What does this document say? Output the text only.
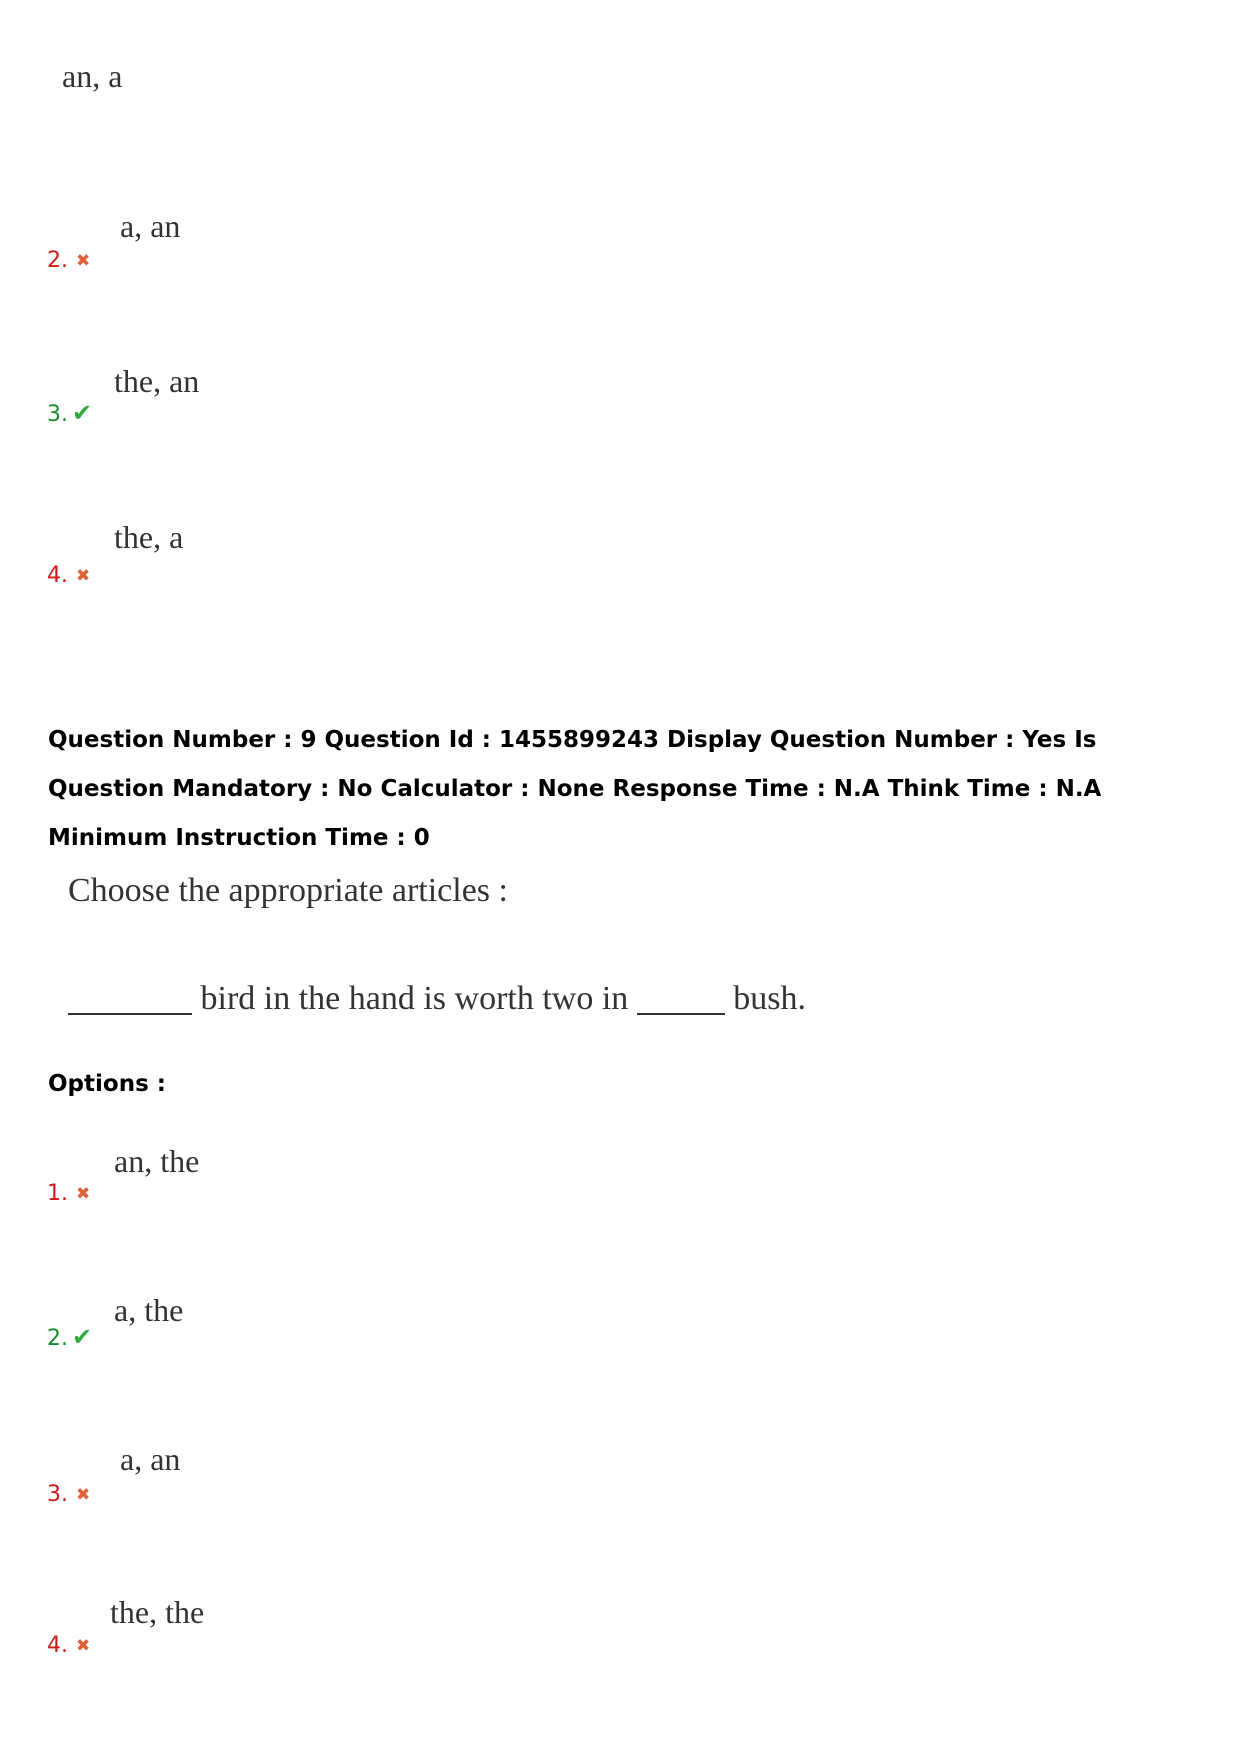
an, a
a, an
2. ✖
the, an
3. ✔
the, a
4. ✖
Question Number : 9 Question Id : 1455899243 Display Question Number : Yes Is Question Mandatory : No Calculator : None Response Time : N.A Think Time : N.A Minimum Instruction Time : 0
Choose the appropriate articles :
bird in the hand is worth two in	bush.
Options :
an, the
1. ✖
a, the
2. ✔
a, an
3. ✖
the, the
4. ✖
